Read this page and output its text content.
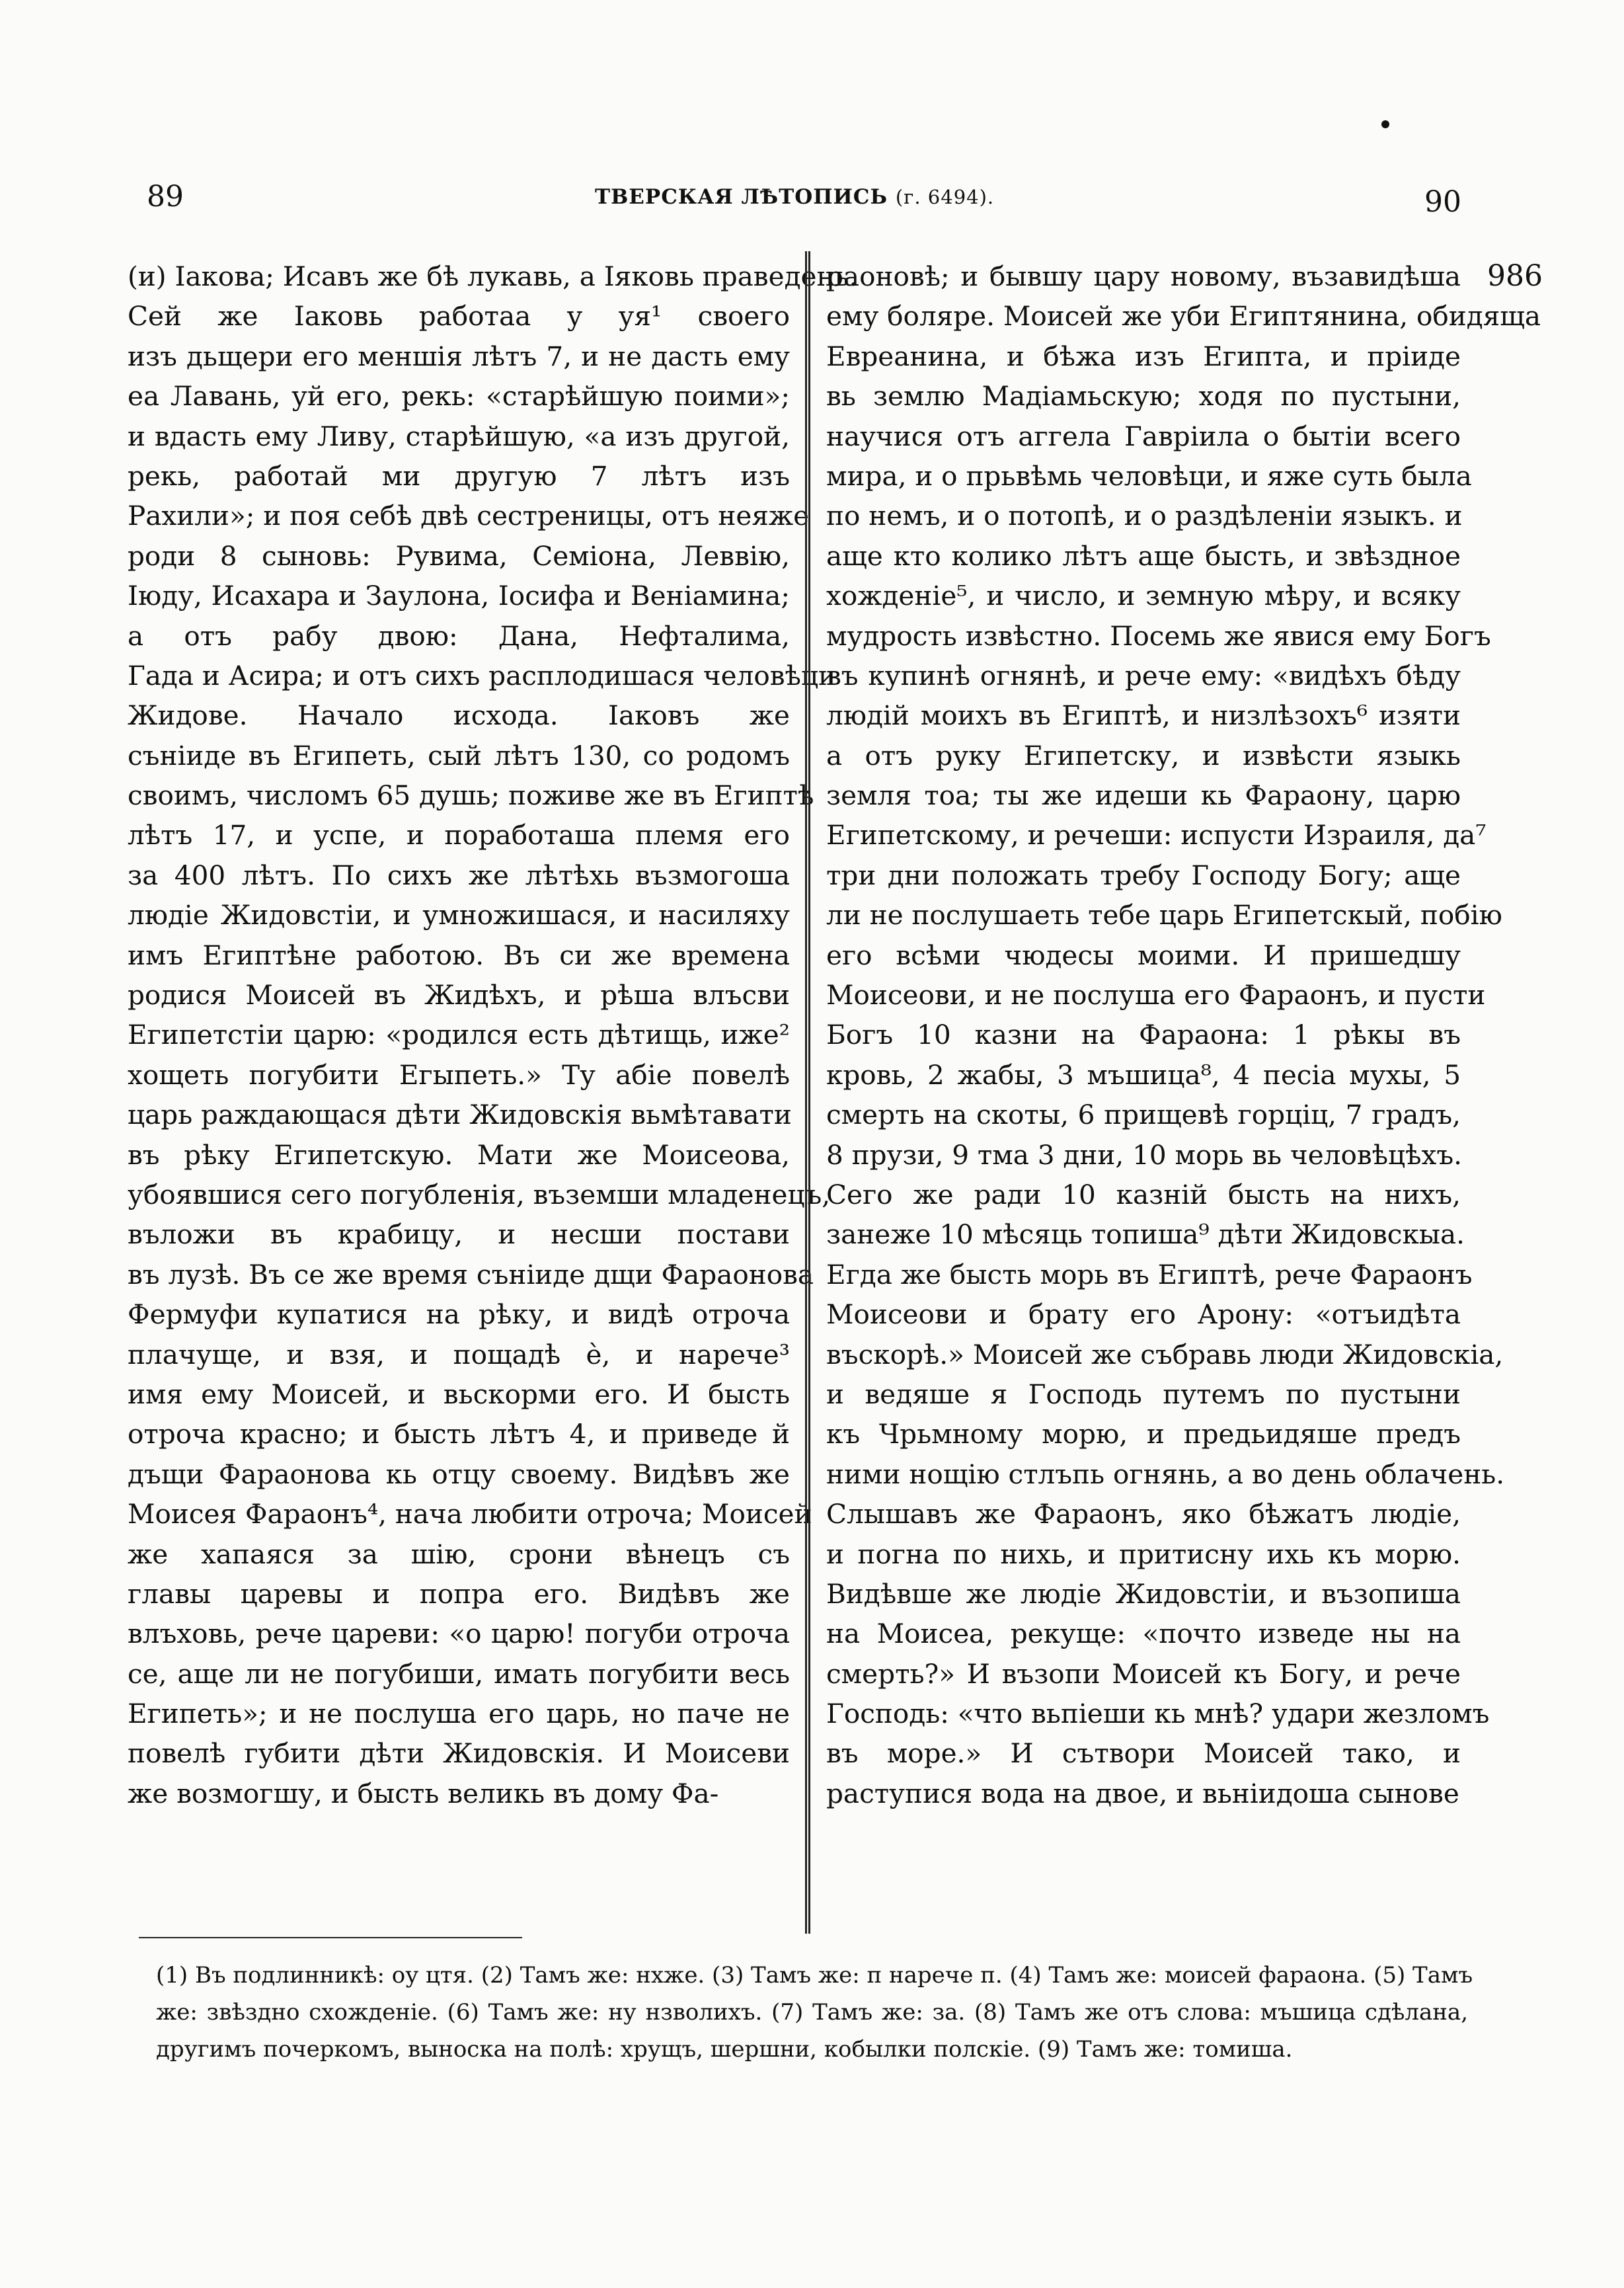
89	ТВЕРСКАЯ ЛѢТОПИСЬ (г. 6494).	90
986
(и) Іакова; Исавъ же бѣ лукавь, а Іяковь праведень.
Сей же Іаковь работаа у уя¹ своего
изъ дьщери его меншія лѣтъ 7, и не дасть ему
еа Лавань, уй его, рекь: «старѣйшую поими»;
и вдасть ему Ливу, старѣйшую, «а изъ другой,
рекь, работай ми другую 7 лѣтъ изъ
Рахили»; и поя себѣ двѣ сестреницы, отъ неяже
роди 8 сыновь: Рувима, Семіона, Леввію,
Іюду, Исахара и Заулона, Іосифа и Веніамина;
а отъ рабу двою: Дана, Нефталима,
Гада и Асира; и отъ сихъ расплодишася человѣци
Жидове. Начало исхода. Іаковъ же
съніиде въ Египеть, сый лѣтъ 130, со родомъ
своимъ, числомъ 65 душь; поживе же въ Египтѣ
лѣтъ 17, и успе, и поработаша племя его
за 400 лѣтъ. По сихъ же лѣтѣхь възмогоша
людіе Жидовстіи, и умножишася, и насиляху
имъ Египтѣне работою. Въ си же времена
родися Моисей въ Жидѣхъ, и рѣша влъсви
Египетстіи царю: «родился есть дѣтищь, иже²
хощеть погубити Егыпеть.» Ту абіе повелѣ
царь раждающася дѣти Жидовскія вьмѣтавати
въ рѣку Египетскую. Мати же Моисеова,
убоявшися сего погубленія, въземши младенецъ,
въложи въ крабицу, и несши постави
въ лузѣ. Въ се же время съніиде дщи Фараонова
Фермуфи купатися на рѣку, и видѣ отроча
плачуще, и взя, и пощадѣ ѐ, и нарече³
имя ему Моисей, и вьскорми его. И бысть
отроча красно; и бысть лѣтъ 4, и приведе й
дъщи Фараонова кь отцу своему. Видѣвъ же
Моисея Фараонъ⁴, нача любити отроча; Моисей
же хапаяся за шію, срони вѣнецъ съ
главы царевы и попра его. Видѣвъ же
влъховь, рече цареви: «о царю! погуби отроча
се, аще ли не погубиши, имать погубити весь
Египеть»; и не послуша его царь, но паче не
повелѣ губити дѣти Жидовскія. И Моисеви
же возмогшу, и бысть великь въ дому Фа-
раоновѣ; и бывшу цару новому, възавидѣша
ему боляре. Моисей же уби Египтянина, обидяща
Евреанина, и бѣжа изъ Египта, и пріиде
вь землю Мадіамьскую; ходя по пустыни,
научися отъ аггела Гавріила о бытіи всего
мира, и о прьвѣмь человѣци, и яже суть была
по немъ, и о потопѣ, и о раздѣленіи языкъ. и
аще кто колико лѣтъ аще бысть, и звѣздное
хожденіе⁵, и число, и земную мѣру, и всяку
мудрость извѣстно. Посемь же явися ему Богъ
въ купинѣ огнянѣ, и рече ему: «видѣхъ бѣду
людій моихъ въ Египтѣ, и низлѣзохъ⁶ изяти
а отъ руку Египетску, и извѣсти языкь
земля тоа; ты же идеши кь Фараону, царю
Египетскому, и речеши: испусти Израиля, да⁷
три дни положать требу Господу Богу; аще
ли не послушаеть тебе царь Египетскый, побію
его всѣми чюдесы моими. И пришедшу
Моисеови, и не послуша его Фараонъ, и пусти
Богъ 10 казни на Фараона: 1 рѣкы въ
кровь, 2 жабы, 3 мъшица⁸, 4 песіа мухы, 5
смерть на скоты, 6 прищевѣ горціц, 7 градъ,
8 прузи, 9 тма 3 дни, 10 морь вь человѣцѣхъ.
Сего же ради 10 казній бысть на нихъ,
занеже 10 мѣсяць топиша⁹ дѣти Жидовскыа.
Егда же бысть морь въ Египтѣ, рече Фараонъ
Моисеови и брату его Арону: «отъидѣта
въскорѣ.» Моисей же събравь люди Жидовскіа,
и ведяше я Господь путемъ по пустыни
къ Чрьмному морю, и предьидяше предъ
ними нощію стлъпь огнянь, а во день облачень.
Слышавъ же Фараонъ, яко бѣжатъ людіе,
и погна по нихь, и притисну ихь къ морю.
Видѣвше же людіе Жидовстіи, и възопиша
на Моисеа, рекуще: «почто изведе ны на
смерть?» И възопи Моисей къ Богу, и рече
Господь: «что вьпіеши кь мнѣ? удари жезломъ
въ море.» И сътвори Моисей тако, и
раступися вода на двое, и вьніидоша сынове
(1) Въ подлинникѣ: оу цтя. (2) Тамъ же: нхже. (3) Тамъ же: п нарече п. (4) Тамъ же: моисей фараона. (5) Тамъ
же: звѣздно схожденіе. (6) Тамъ же: ну нзволихъ. (7) Тамъ же: за. (8) Тамъ же отъ слова: мъшица сдѣлана,
другимъ почеркомъ, выноска на полѣ: хрущъ, шершни, кобылки полскіе. (9) Тамъ же: томиша.
